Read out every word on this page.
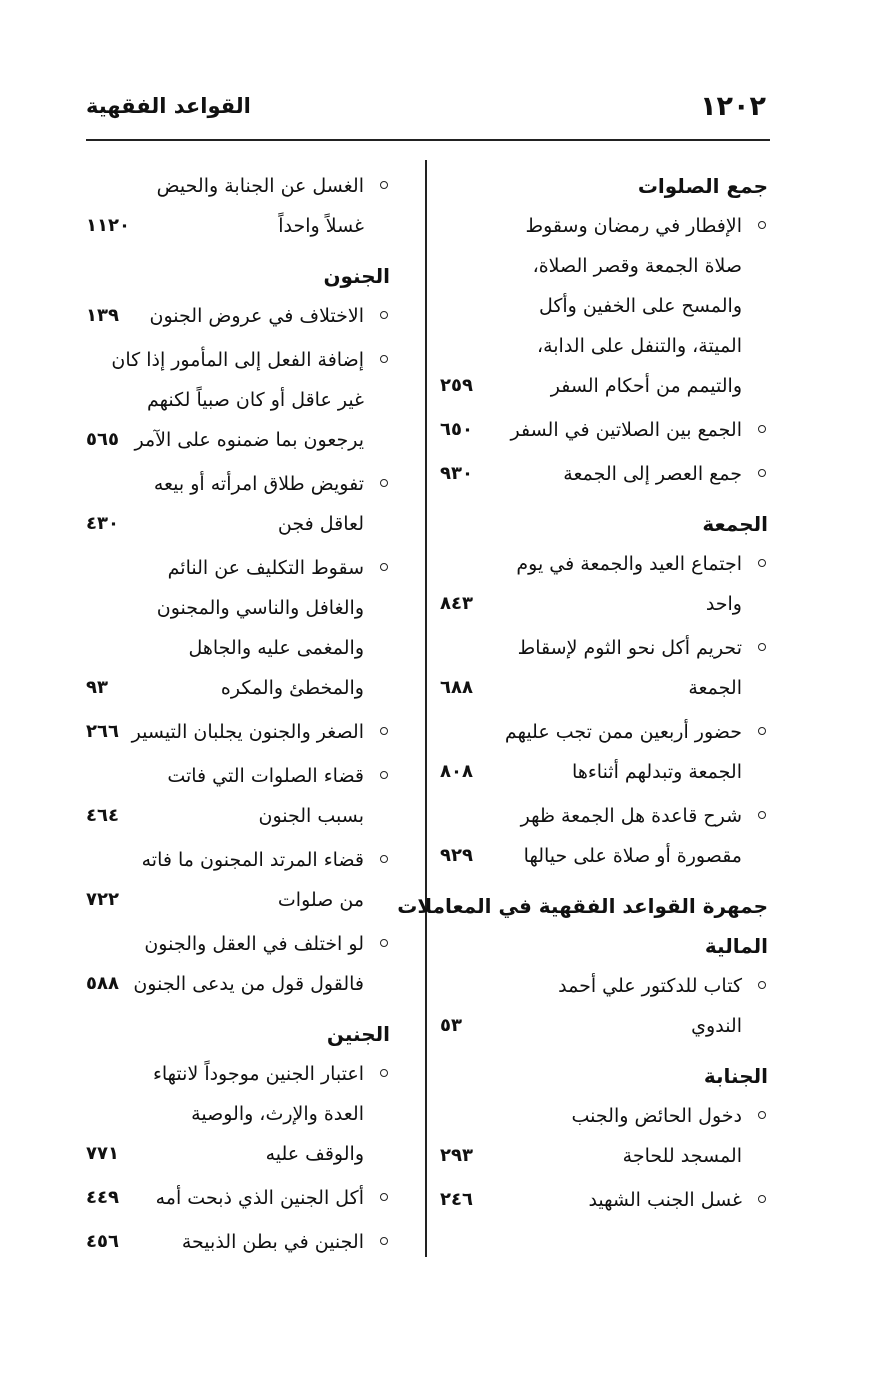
القواعد الفقهية	١٢٠٢
جمع الصلوات
الإفطار في رمضان وسقوط
صلاة الجمعة وقصر الصلاة،
والمسح على الخفين وأكل
الميتة، والتنفل على الدابة،
والتيمم من أحكام السفر
٢٥٩
الجمع بين الصلاتين في السفر
٦٥٠
جمع العصر إلى الجمعة
٩٣٠
الجمعة
اجتماع العيد والجمعة في يوم
واحد
٨٤٣
تحريم أكل نحو الثوم لإسقاط
الجمعة
٦٨٨
حضور أربعين ممن تجب عليهم
الجمعة وتبدلهم أثناءها
٨٠٨
شرح قاعدة هل الجمعة ظهر
مقصورة أو صلاة على حيالها
٩٢٩
جمهرة القواعد الفقهية في المعاملات
المالية
كتاب للدكتور علي أحمد
الندوي
٥٣
الجنابة
دخول الحائض والجنب
المسجد للحاجة
٢٩٣
غسل الجنب الشهيد
٢٤٦
الغسل عن الجنابة والحيض
غسلاً واحداً
١١٢٠
الجنون
الاختلاف في عروض الجنون
١٣٩
إضافة الفعل إلى المأمور إذا كان
غير عاقل أو كان صبياً لكنهم
يرجعون بما ضمنوه على الآمر
٥٦٥
تفويض طلاق امرأته أو بيعه
لعاقل فجن
٤٣٠
سقوط التكليف عن النائم
والغافل والناسي والمجنون
والمغمى عليه والجاهل
والمخطئ والمكره
٩٣
الصغر والجنون يجلبان التيسير
٢٦٦
قضاء الصلوات التي فاتت
بسبب الجنون
٤٦٤
قضاء المرتد المجنون ما فاته
من صلوات
٧٢٢
لو اختلف في العقل والجنون
فالقول قول من يدعى الجنون
٥٨٨
الجنين
اعتبار الجنين موجوداً لانتهاء
العدة والإرث، والوصية
والوقف عليه
٧٧١
أكل الجنين الذي ذبحت أمه
٤٤٩
الجنين في بطن الذبيحة
٤٥٦
